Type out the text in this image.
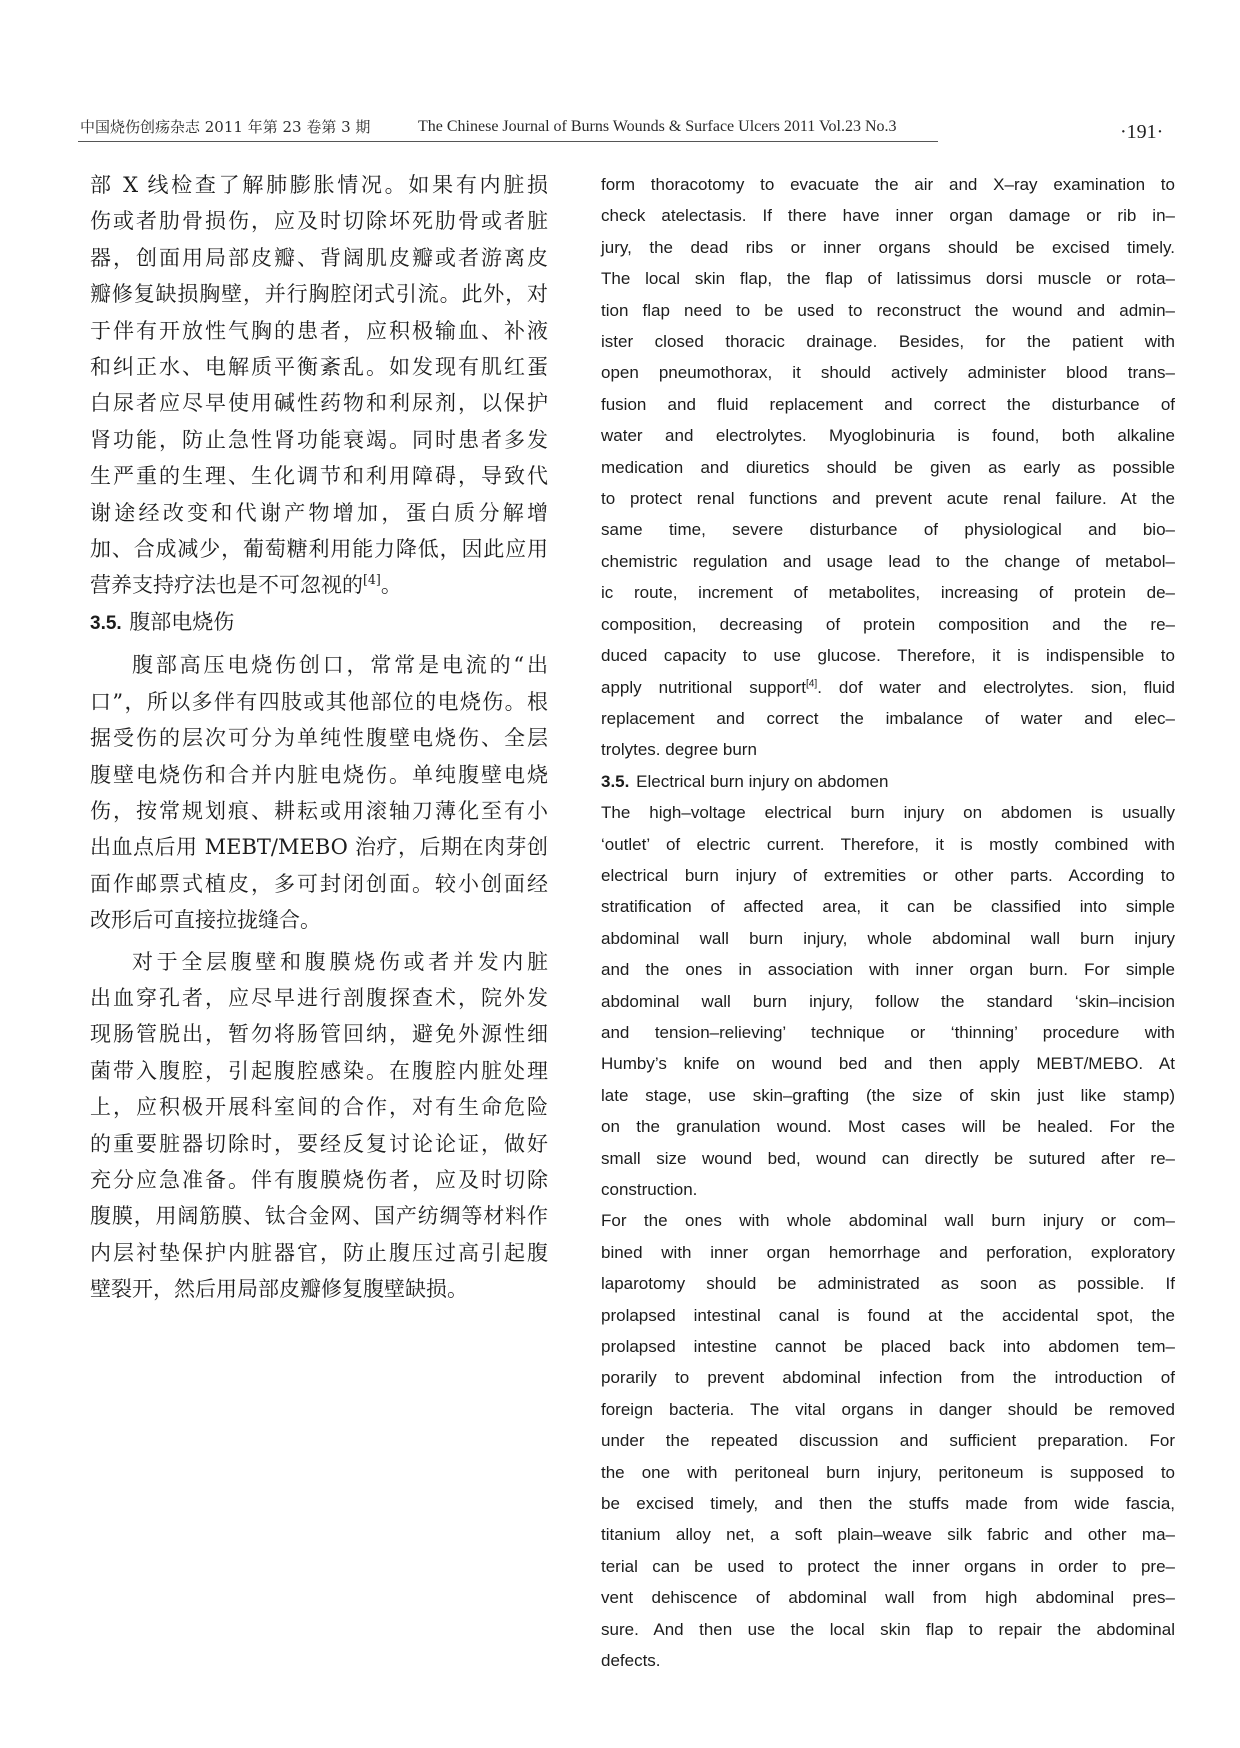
中国烧伤创疡杂志 2011 年第 23 卷第 3 期	The Chinese Journal of Burns Wounds & Surface Ulcers 2011 Vol.23 No.3	·191·
部 X 线检查了解肺膨胀情况。如果有内脏损
伤或者肋骨损伤，应及时切除坏死肋骨或者脏
器，创面用局部皮瓣、背阔肌皮瓣或者游离皮
瓣修复缺损胸壁，并行胸腔闭式引流。此外，对
于伴有开放性气胸的患者，应积极输血、补液
和纠正水、电解质平衡紊乱。如发现有肌红蛋
白尿者应尽早使用碱性药物和利尿剂，以保护
肾功能，防止急性肾功能衰竭。同时患者多发
生严重的生理、生化调节和利用障碍，导致代
谢途经改变和代谢产物增加，蛋白质分解增
加、合成减少，葡萄糖利用能力降低，因此应用
营养支持疗法也是不可忽视的[4]。
3.5. 腹部电烧伤
腹部高压电烧伤创口，常常是电流的“出
口”，所以多伴有四肢或其他部位的电烧伤。根
据受伤的层次可分为单纯性腹壁电烧伤、全层
腹壁电烧伤和合并内脏电烧伤。单纯腹壁电烧
伤，按常规划痕、耕耘或用滚轴刀薄化至有小
出血点后用 MEBT/MEBO 治疗，后期在肉芽创
面作邮票式植皮，多可封闭创面。较小创面经
改形后可直接拉拢缝合。
对于全层腹壁和腹膜烧伤或者并发内脏
出血穿孔者，应尽早进行剖腹探查术，院外发
现肠管脱出，暂勿将肠管回纳，避免外源性细
菌带入腹腔，引起腹腔感染。在腹腔内脏处理
上，应积极开展科室间的合作，对有生命危险
的重要脏器切除时，要经反复讨论论证，做好
充分应急准备。伴有腹膜烧伤者，应及时切除
腹膜，用阔筋膜、钛合金网、国产纺绸等材料作
内层衬垫保护内脏器官，防止腹压过高引起腹
壁裂开，然后用局部皮瓣修复腹壁缺损。
form thoracotomy to evacuate the air and X–ray examination to
check atelectasis. If there have inner organ damage or rib in–
jury, the dead ribs or inner organs should be excised timely.
The local skin flap, the flap of latissimus dorsi muscle or rota–
tion flap need to be used to reconstruct the wound and admin–
ister closed thoracic drainage. Besides, for the patient with
open pneumothorax, it should actively administer blood trans–
fusion and fluid replacement and correct the disturbance of
water and electrolytes. Myoglobinuria is found, both alkaline
medication and diuretics should be given as early as possible
to protect renal functions and prevent acute renal failure. At the
same time, severe disturbance of physiological and bio–
chemistric regulation and usage lead to the change of metabol–
ic route, increment of metabolites, increasing of protein de–
composition, decreasing of protein composition and the re–
duced capacity to use glucose. Therefore, it is indispensible to
apply nutritional support[4]. dof water and electrolytes. sion, fluid
replacement and correct the imbalance of water and elec–
trolytes. degree burn
3.5. Electrical burn injury on abdomen
The high–voltage electrical burn injury on abdomen is usually
‘outlet’ of electric current. Therefore, it is mostly combined with
electrical burn injury of extremities or other parts. According to
stratification of affected area, it can be classified into simple
abdominal wall burn injury, whole abdominal wall burn injury
and the ones in association with inner organ burn. For simple
abdominal wall burn injury, follow the standard ‘skin–incision
and tension–relieving’ technique or ‘thinning’ procedure with
Humby’s knife on wound bed and then apply MEBT/MEBO. At
late stage, use skin–grafting (the size of skin just like stamp)
on the granulation wound. Most cases will be healed. For the
small size wound bed, wound can directly be sutured after re–
construction.
For the ones with whole abdominal wall burn injury or com–
bined with inner organ hemorrhage and perforation, exploratory
laparotomy should be administrated as soon as possible. If
prolapsed intestinal canal is found at the accidental spot, the
prolapsed intestine cannot be placed back into abdomen tem–
porarily to prevent abdominal infection from the introduction of
foreign bacteria. The vital organs in danger should be removed
under the repeated discussion and sufficient preparation. For
the one with peritoneal burn injury, peritoneum is supposed to
be excised timely, and then the stuffs made from wide fascia,
titanium alloy net, a soft plain–weave silk fabric and other ma–
terial can be used to protect the inner organs in order to pre–
vent dehiscence of abdominal wall from high abdominal pres–
sure. And then use the local skin flap to repair the abdominal
defects.
